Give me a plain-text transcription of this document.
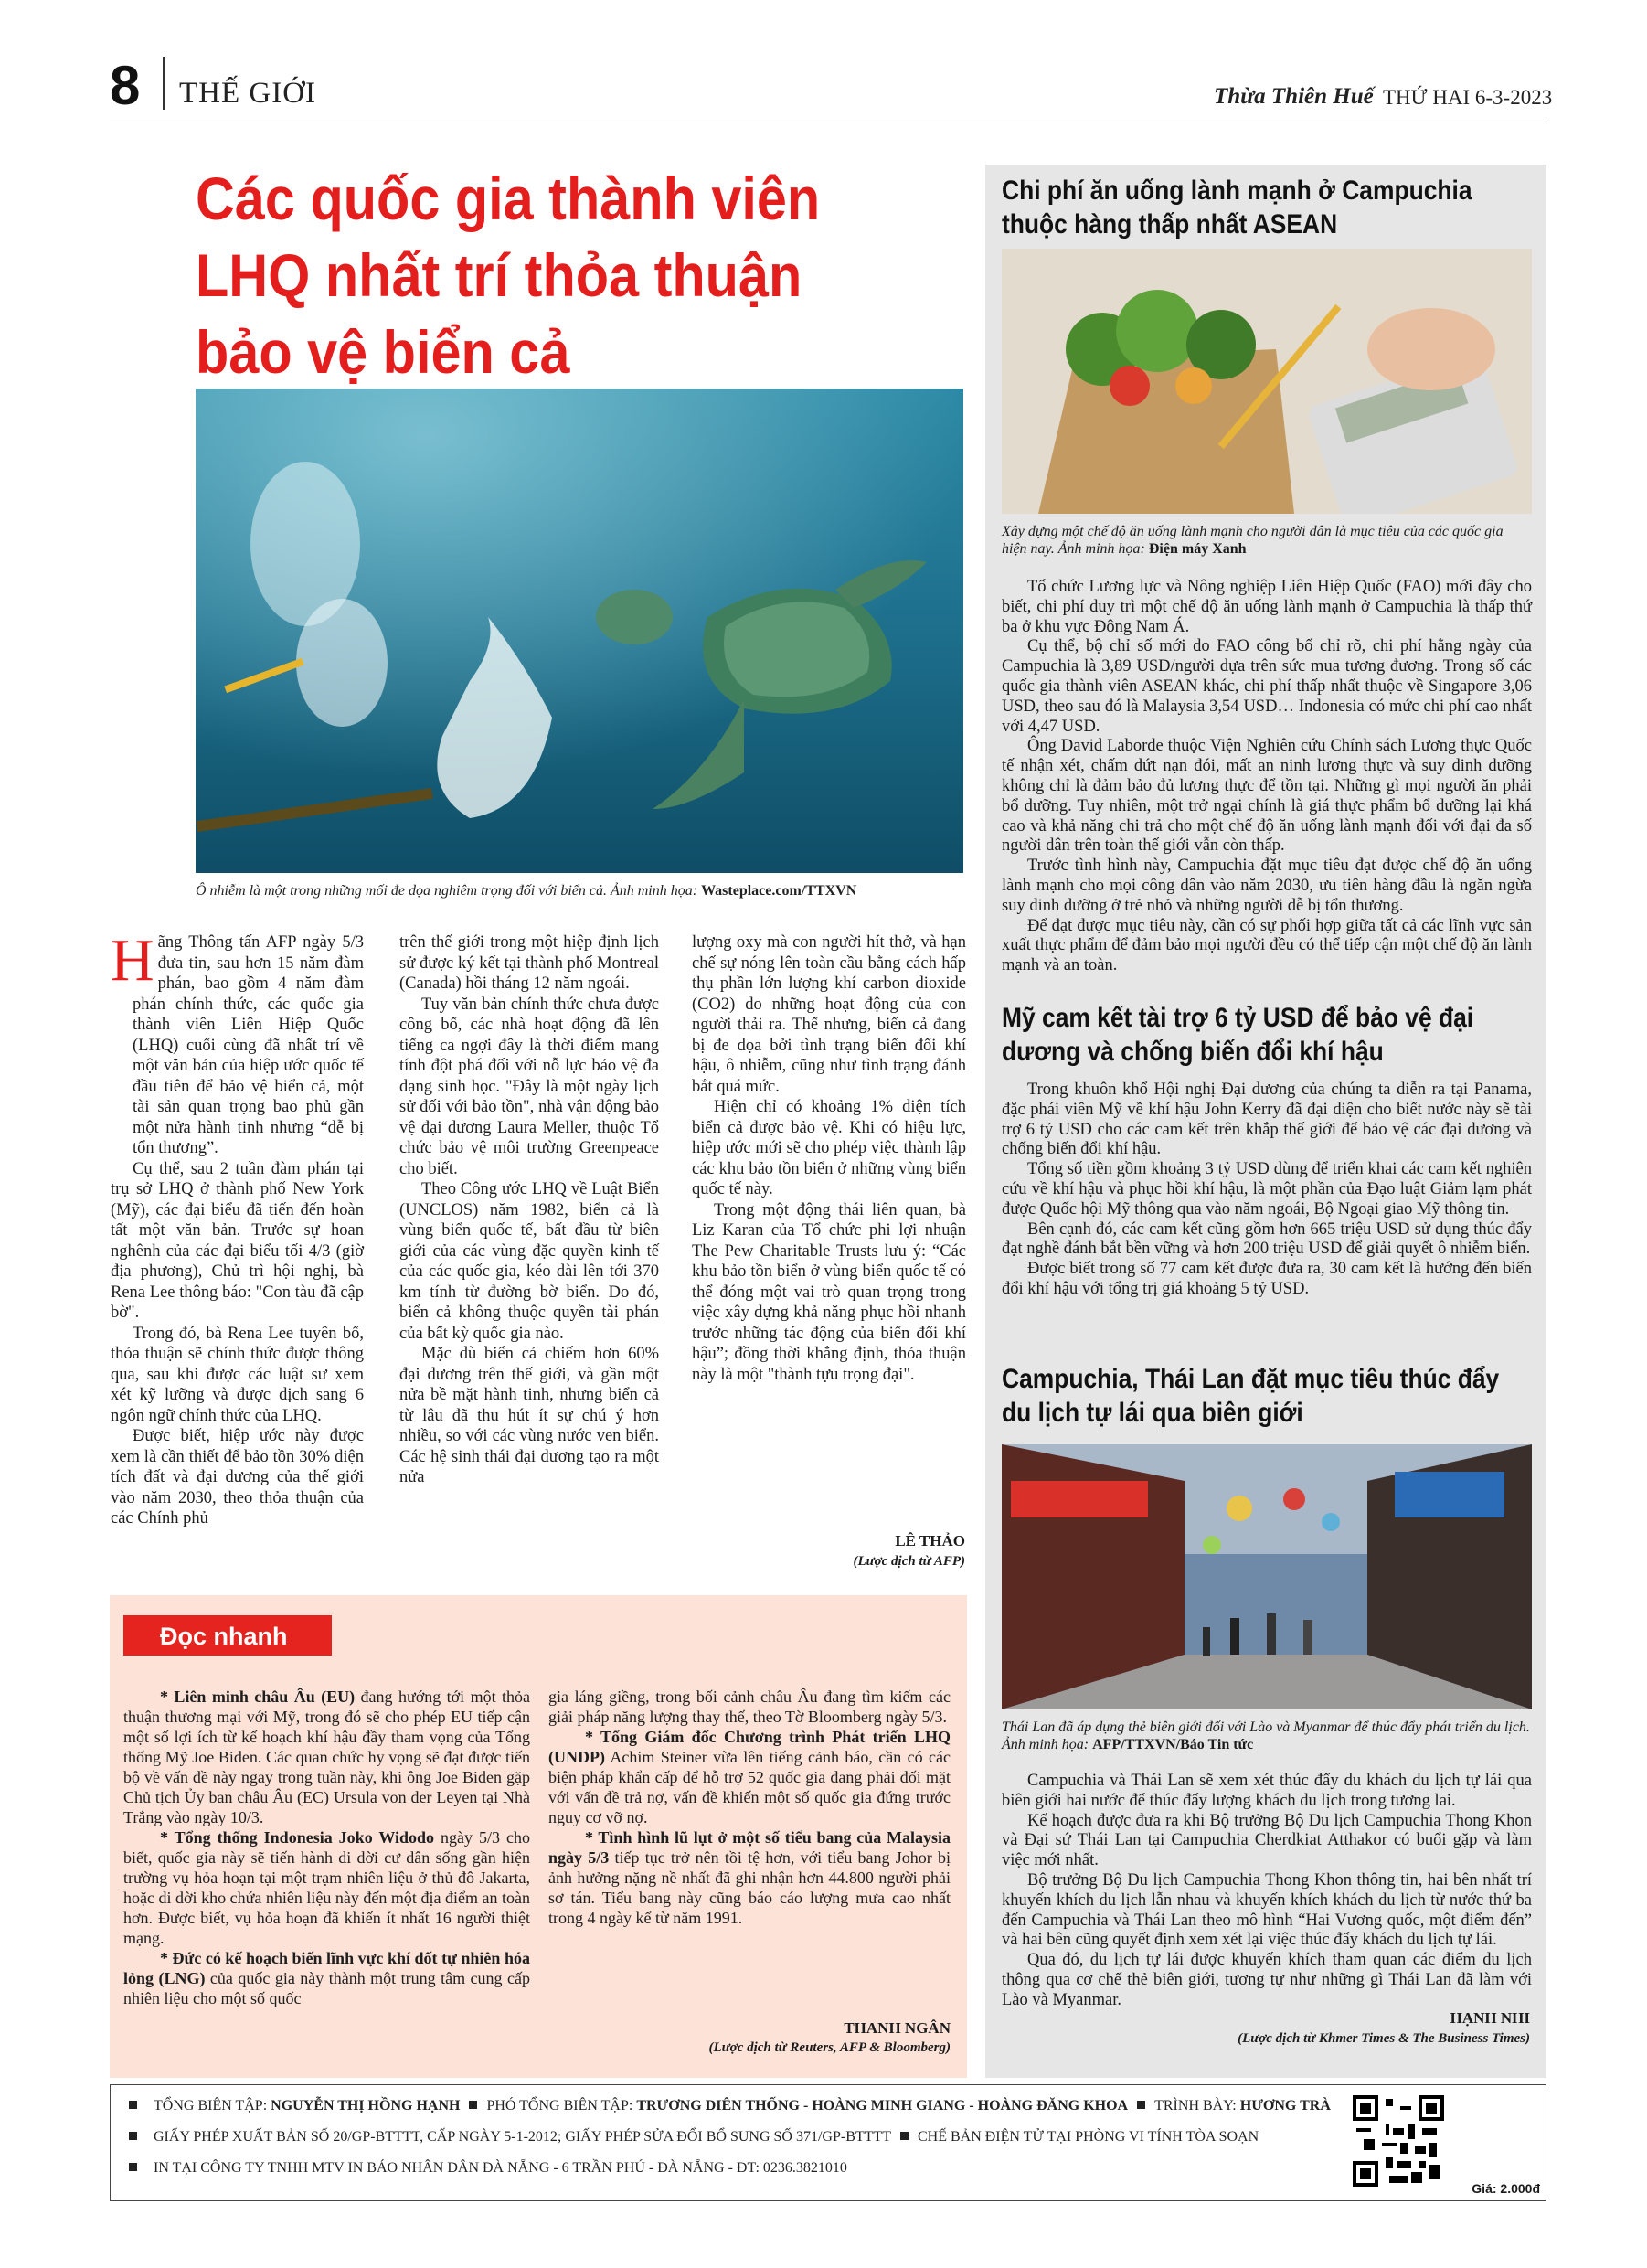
8 THẾ GIỚI	Thừa Thiên Huế THỨ HAI 6-3-2023
Các quốc gia thành viên LHQ nhất trí thỏa thuận bảo vệ biển cả
Ô nhiễm là một trong những mối đe dọa nghiêm trọng đối với biển cả. Ảnh minh họa: Wasteplace.com/TTXVN

Hãng Thông tấn AFP ngày 5/3 đưa tin, sau hơn 15 năm đàm phán, bao gồm 4 năm đàm phán chính thức, các quốc gia thành viên Liên Hiệp Quốc (LHQ) cuối cùng đã nhất trí về một văn bản của hiệp ước quốc tế đầu tiên để bảo vệ biển cả, một tài sản quan trọng bao phủ gần một nửa hành tinh nhưng “dễ bị tổn thương”.

Cụ thể, sau 2 tuần đàm phán tại trụ sở LHQ ở thành phố New York (Mỹ), các đại biểu đã tiến đến hoàn tất một văn bản. Trước sự hoan nghênh của các đại biểu tối 4/3 (giờ địa phương), Chủ trì hội nghị, bà Rena Lee thông báo: "Con tàu đã cập bờ".

Trong đó, bà Rena Lee tuyên bố, thỏa thuận sẽ chính thức được thông qua, sau khi được các luật sư xem xét kỹ lưỡng và được dịch sang 6 ngôn ngữ chính thức của LHQ.

Được biết, hiệp ước này được xem là cần thiết để bảo tồn 30% diện tích đất và đại dương của thế giới vào năm 2030, theo thỏa thuận của các Chính phủ

trên thế giới trong một hiệp định lịch sử được ký kết tại thành phố Montreal (Canada) hồi tháng 12 năm ngoái.

Tuy văn bản chính thức chưa được công bố, các nhà hoạt động đã lên tiếng ca ngợi đây là thời điểm mang tính đột phá đối với nỗ lực bảo vệ đa dạng sinh học. "Đây là một ngày lịch sử đối với bảo tồn", nhà vận động bảo vệ đại dương Laura Meller, thuộc Tổ chức bảo vệ môi trường Greenpeace cho biết.

Theo Công ước LHQ về Luật Biển (UNCLOS) năm 1982, biển cả là vùng biển quốc tế, bất đầu từ biên giới của các vùng đặc quyền kinh tế của các quốc gia, kéo dài lên tới 370 km tính từ đường bờ biển. Do đó, biển cả không thuộc quyền tài phán của bất kỳ quốc gia nào.

Mặc dù biển cả chiếm hơn 60% đại dương trên thế giới, và gần một nửa bề mặt hành tinh, nhưng biển cả từ lâu đã thu hút ít sự chú ý hơn nhiều, so với các vùng nước ven biển. Các hệ sinh thái đại dương tạo ra một nửa

lượng oxy mà con người hít thở, và hạn chế sự nóng lên toàn cầu bằng cách hấp thụ phần lớn lượng khí carbon dioxide (CO2) do những hoạt động của con người thải ra. Thế nhưng, biển cả đang bị đe dọa bởi tình trạng biến đổi khí hậu, ô nhiễm, cũng như tình trạng đánh bắt quá mức.

Hiện chỉ có khoảng 1% diện tích biển cả được bảo vệ. Khi có hiệu lực, hiệp ước mới sẽ cho phép việc thành lập các khu bảo tồn biển ở những vùng biển quốc tế này.

Trong một động thái liên quan, bà Liz Karan của Tổ chức phi lợi nhuận The Pew Charitable Trusts lưu ý: “Các khu bảo tồn biển ở vùng biển quốc tế có thể đóng một vai trò quan trọng trong việc xây dựng khả năng phục hồi nhanh trước những tác động của biến đổi khí hậu”; đồng thời khẳng định, thỏa thuận này là một "thành tựu trọng đại".

LÊ THẢO
(Lược dịch từ AFP)
Đọc nhanh

* Liên minh châu Âu (EU) đang hướng tới một thỏa thuận thương mại với Mỹ, trong đó sẽ cho phép EU tiếp cận một số lợi ích từ kế hoạch khí hậu đầy tham vọng của Tổng thống Mỹ Joe Biden. Các quan chức hy vọng sẽ đạt được tiến bộ về vấn đề này ngay trong tuần này, khi ông Joe Biden gặp Chủ tịch Ủy ban châu Âu (EC) Ursula von der Leyen tại Nhà Trắng vào ngày 10/3.

* Tổng thống Indonesia Joko Widodo ngày 5/3 cho biết, quốc gia này sẽ tiến hành di dời cư dân sống gần hiện trường vụ hỏa hoạn tại một trạm nhiên liệu ở thủ đô Jakarta, hoặc di dời kho chứa nhiên liệu này đến một địa điểm an toàn hơn. Được biết, vụ hỏa hoạn đã khiến ít nhất 16 người thiệt mạng.

* Đức có kế hoạch biến lĩnh vực khí đốt tự nhiên hóa lỏng (LNG) của quốc gia này thành một trung tâm cung cấp nhiên liệu cho một số quốc

gia láng giềng, trong bối cảnh châu Âu đang tìm kiếm các giải pháp năng lượng thay thế, theo Tờ Bloomberg ngày 5/3.

* Tổng Giám đốc Chương trình Phát triển LHQ (UNDP) Achim Steiner vừa lên tiếng cảnh báo, cần có các biện pháp khẩn cấp để hỗ trợ 52 quốc gia đang phải đối mặt với vấn đề trả nợ, vấn đề khiến một số quốc gia đứng trước nguy cơ vỡ nợ.

* Tình hình lũ lụt ở một số tiểu bang của Malaysia ngày 5/3 tiếp tục trở nên tồi tệ hơn, với tiểu bang Johor bị ảnh hưởng nặng nề nhất đã ghi nhận hơn 44.800 người phải sơ tán. Tiểu bang này cũng báo cáo lượng mưa cao nhất trong 4 ngày kể từ năm 1991.

THANH NGÂN
(Lược dịch từ Reuters, AFP & Bloomberg)
Chi phí ăn uống lành mạnh ở Campuchia thuộc hàng thấp nhất ASEAN
Xây dựng một chế độ ăn uống lành mạnh cho người dân là mục tiêu của các quốc gia hiện nay. Ảnh minh họa: Điện máy Xanh

Tổ chức Lương lực và Nông nghiệp Liên Hiệp Quốc (FAO) mới đây cho biết, chi phí duy trì một chế độ ăn uống lành mạnh ở Campuchia là thấp thứ ba ở khu vực Đông Nam Á.

Cụ thể, bộ chỉ số mới do FAO công bố chỉ rõ, chi phí hằng ngày của Campuchia là 3,89 USD/người dựa trên sức mua tương đương. Trong số các quốc gia thành viên ASEAN khác, chi phí thấp nhất thuộc về Singapore 3,06 USD, theo sau đó là Malaysia 3,54 USD… Indonesia có mức chi phí cao nhất với 4,47 USD.

Ông David Laborde thuộc Viện Nghiên cứu Chính sách Lương thực Quốc tế nhận xét, chấm dứt nạn đói, mất an ninh lương thực và suy dinh dưỡng không chỉ là đảm bảo đủ lương thực để tồn tại. Những gì mọi người ăn phải bổ dưỡng. Tuy nhiên, một trở ngại chính là giá thực phẩm bổ dưỡng lại khá cao và khả năng chi trả cho một chế độ ăn uống lành mạnh đối với đại đa số người dân trên toàn thế giới vẫn còn thấp.

Trước tình hình này, Campuchia đặt mục tiêu đạt được chế độ ăn uống lành mạnh cho mọi công dân vào năm 2030, ưu tiên hàng đầu là ngăn ngừa suy dinh dưỡng ở trẻ nhỏ và những người dễ bị tổn thương.

Để đạt được mục tiêu này, cần có sự phối hợp giữa tất cả các lĩnh vực sản xuất thực phẩm để đảm bảo mọi người đều có thể tiếp cận một chế độ ăn lành mạnh và an toàn.

Mỹ cam kết tài trợ 6 tỷ USD để bảo vệ đại dương và chống biến đổi khí hậu

Trong khuôn khổ Hội nghị Đại dương của chúng ta diễn ra tại Panama, đặc phái viên Mỹ về khí hậu John Kerry đã đại diện cho biết nước này sẽ tài trợ 6 tỷ USD cho các cam kết trên khắp thế giới để bảo vệ các đại dương và chống biến đổi khí hậu.

Tổng số tiền gồm khoảng 3 tỷ USD dùng để triển khai các cam kết nghiên cứu về khí hậu và phục hồi khí hậu, là một phần của Đạo luật Giảm lạm phát được Quốc hội Mỹ thông qua vào năm ngoái, Bộ Ngoại giao Mỹ thông tin.

Bên cạnh đó, các cam kết cũng gồm hơn 665 triệu USD sử dụng thúc đẩy đạt nghề đánh bắt bền vững và hơn 200 triệu USD để giải quyết ô nhiễm biển.

Được biết trong số 77 cam kết được đưa ra, 30 cam kết là hướng đến biến đổi khí hậu với tổng trị giá khoảng 5 tỷ USD.

Campuchia, Thái Lan đặt mục tiêu thúc đẩy du lịch tự lái qua biên giới
Thái Lan đã áp dụng thẻ biên giới đối với Lào và Myanmar để thúc đẩy phát triển du lịch. Ảnh minh họa: AFP/TTXVN/Báo Tin tức

Campuchia và Thái Lan sẽ xem xét thúc đẩy du khách du lịch tự lái qua biên giới hai nước để thúc đẩy lượng khách du lịch trong tương lai.

Kế hoạch được đưa ra khi Bộ trưởng Bộ Du lịch Campuchia Thong Khon và Đại sứ Thái Lan tại Campuchia Cherdkiat Atthakor có buổi gặp và làm việc mới nhất.

Bộ trưởng Bộ Du lịch Campuchia Thong Khon thông tin, hai bên nhất trí khuyến khích du lịch lẫn nhau và khuyến khích khách du lịch từ nước thứ ba đến Campuchia và Thái Lan theo mô hình “Hai Vương quốc, một điểm đến” và hai bên cũng quyết định xem xét lại việc thúc đẩy khách du lịch tự lái.

Qua đó, du lịch tự lái được khuyến khích tham quan các điểm du lịch thông qua cơ chế thẻ biên giới, tương tự như những gì Thái Lan đã làm với Lào và Myanmar.

HẠNH NHI
(Lược dịch từ Khmer Times & The Business Times)
TỔNG BIÊN TẬP: NGUYỄN THỊ HỒNG HẠNH PHÓ TỔNG BIÊN TẬP: TRƯƠNG DIÊN THỐNG - HOÀNG MINH GIANG - HOÀNG ĐĂNG KHOA TRÌNH BÀY: HƯƠNG TRÀ
GIẤY PHÉP XUẤT BẢN SỐ 20/GP-BTTTT, CẤP NGÀY 5-1-2012; GIẤY PHÉP SỬA ĐỔI BỔ SUNG SỐ 371/GP-BTTTT CHẾ BẢN ĐIỆN TỬ TẠI PHÒNG VI TÍNH TÒA SOẠN
IN TẠI CÔNG TY TNHH MTV IN BÁO NHÂN DÂN ĐÀ NẴNG - 6 TRẦN PHÚ - ĐÀ NẴNG - ĐT: 0236.3821010
Giá: 2.000đ
